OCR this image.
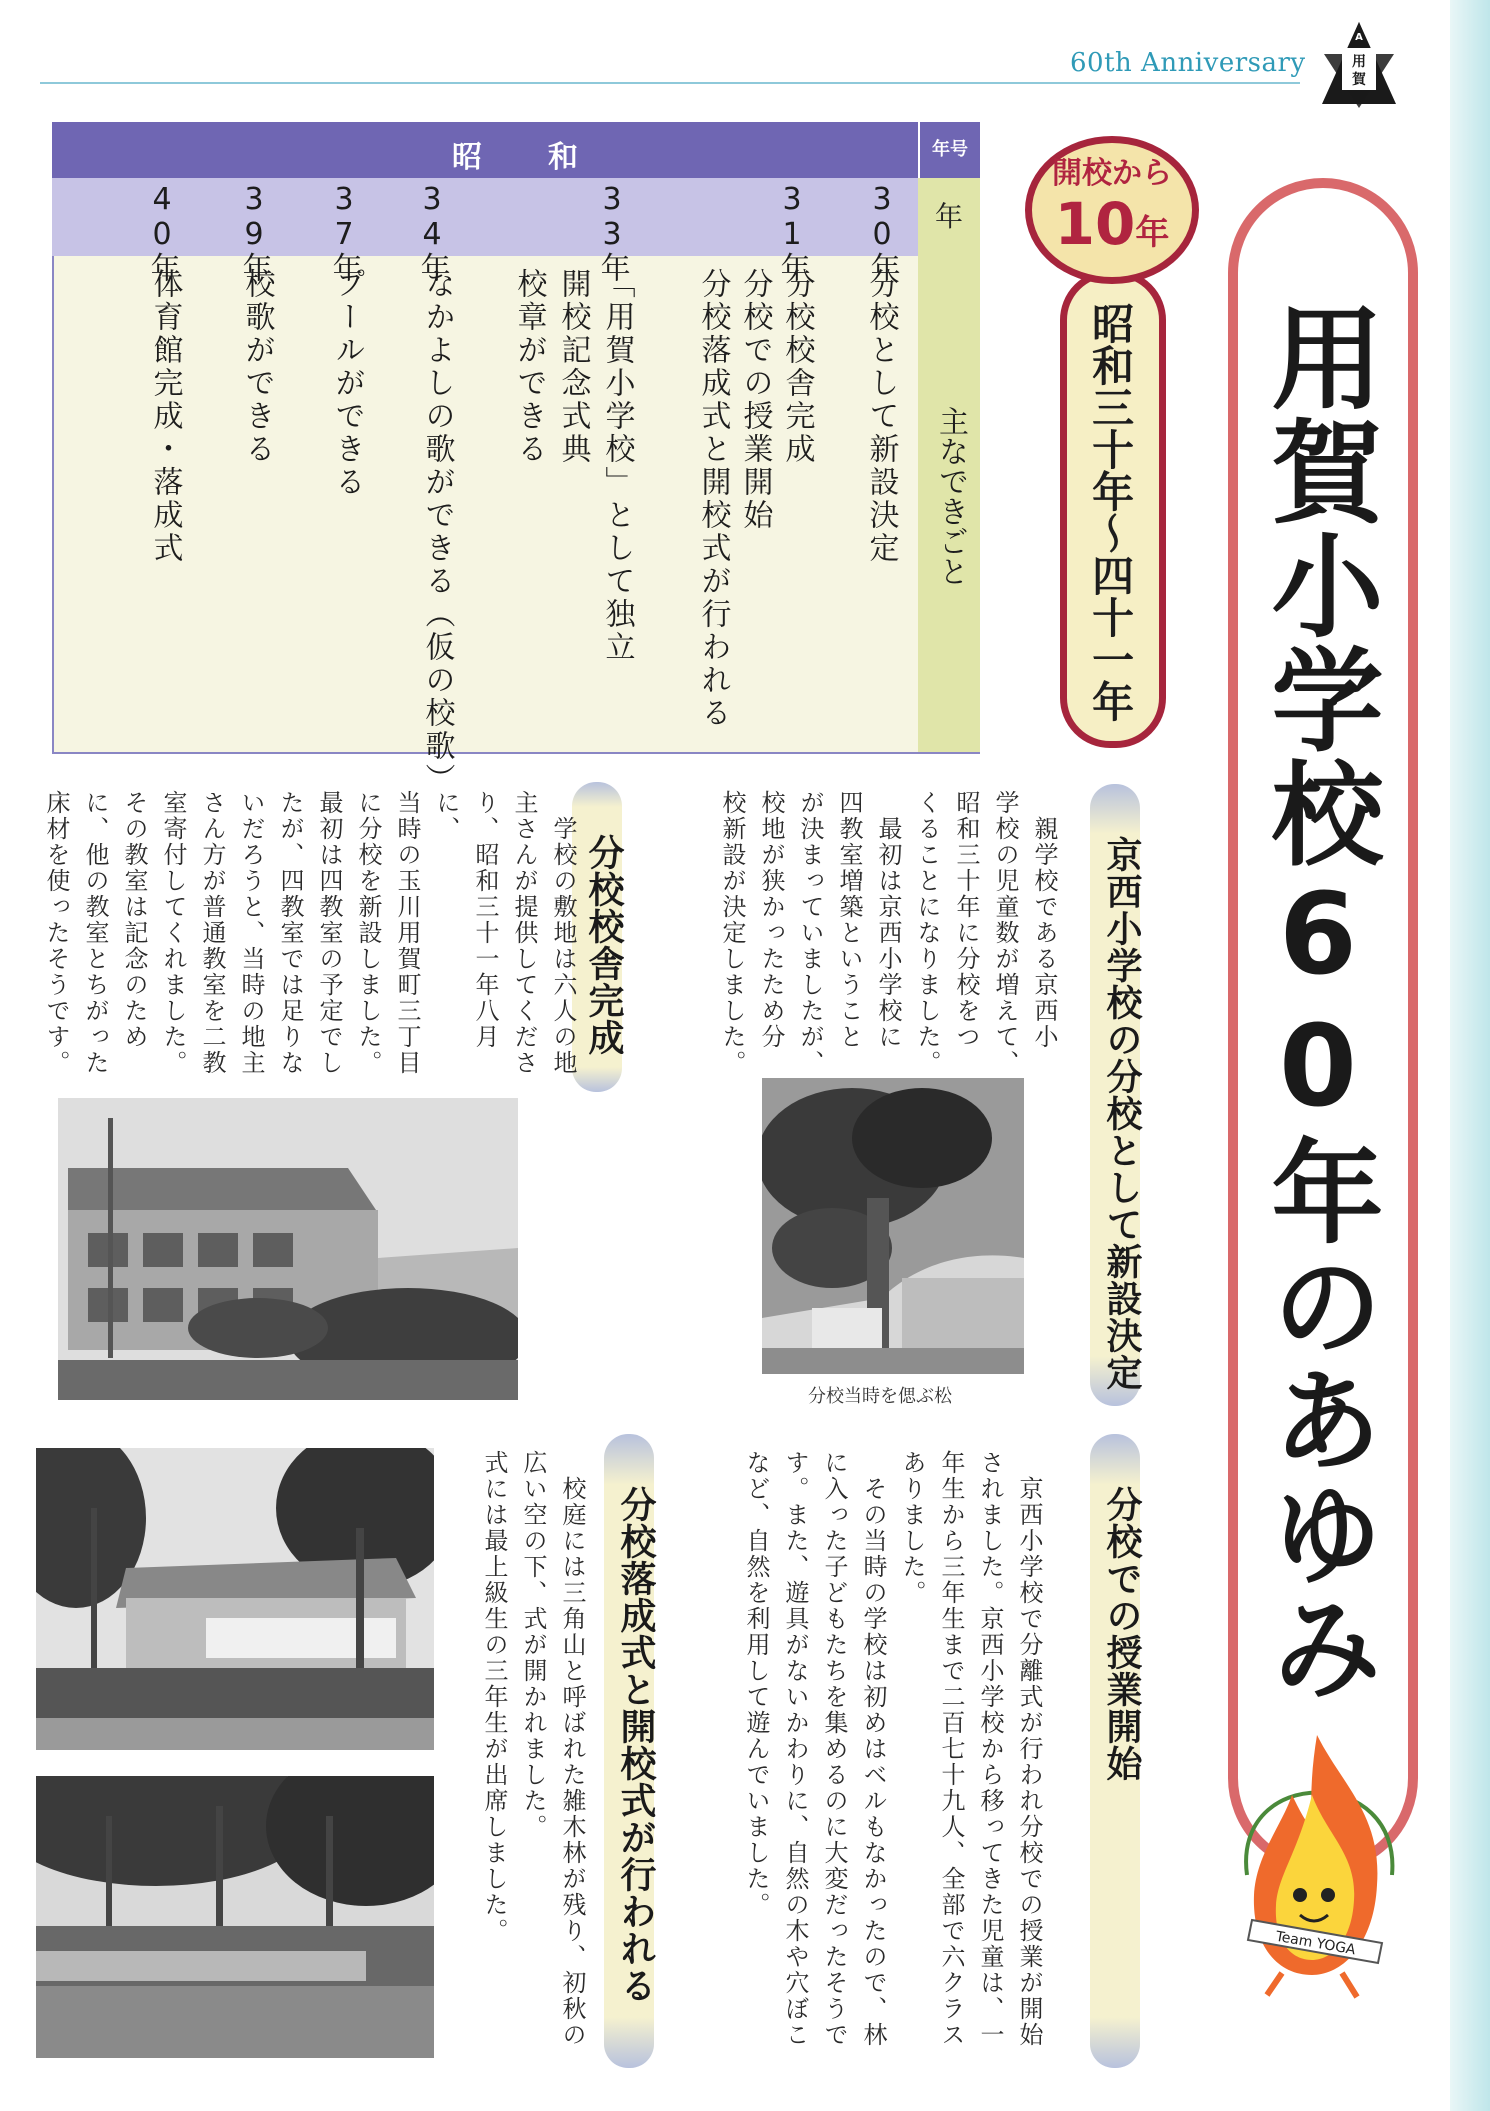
60th Anniversary	用
賀
A
用賀小学校60年のあゆみ
開校から
10年
昭和三十年〜四十一年
昭　和	年号
年
主なできごと
30年
分校として新設決定
31年
分校校舎完成
分校での授業開始
分校落成式と開校式が行われる
33年
「用賀小学校」として独立
開校記念式典
校章ができる
34年
なかよしの歌ができる（仮の校歌）
37年
プールができる
39年
校歌ができる
40年
体育館完成・落成式
京西小学校の分校として新設決定
　親学校である京西小
学校の児童数が増えて、
昭和三十年に分校をつ
くることになりました。
　最初は京西小学校に
四教室増築ということ
が決まっていましたが、
校地が狭かったため分
校新設が決定しました。
分校当時を偲ぶ松
分校校舎完成
　学校の敷地は六人の地
主さんが提供してくださ
り、昭和三十一年八月に、
当時の玉川用賀町三丁目
に分校を新設しました。
最初は四教室の予定でし
たが、四教室では足りな
いだろうと、当時の地主
さん方が普通教室を二教
室寄付してくれました。
その教室は記念のため
に、他の教室とちがった
床材を使ったそうです。
分校での授業開始
　京西小学校で分離式が行われ分校での授業が開始
されました。京西小学校から移ってきた児童は、一
年生から三年生まで二百七十九人、全部で六クラス
ありました。
　その当時の学校は初めはベルもなかったので、林
に入った子どもたちを集めるのに大変だったそうで
す。また、遊具がないかわりに、自然の木や穴ぼこ
など、自然を利用して遊んでいました。
分校落成式と開校式が行われる
　校庭には三角山と呼ばれた雑木林が残り、初秋の
広い空の下、式が開かれました。
式には最上級生の三年生が出席しました。	Team YOGA
